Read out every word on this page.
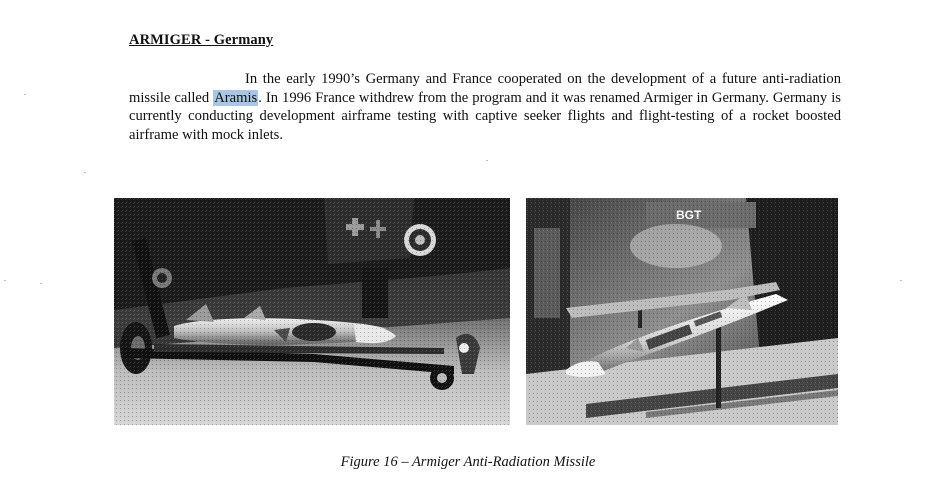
ARMIGER - Germany
In the early 1990’s Germany and France cooperated on the development of a future anti-radiation missile called Aramis. In 1996 France withdrew from the program and it was renamed Armiger in Germany. Germany is currently conducting development airframe testing with captive seeker flights and flight-testing of a rocket boosted airframe with mock inlets.
Figure 16 – Armiger Anti-Radiation Missile
